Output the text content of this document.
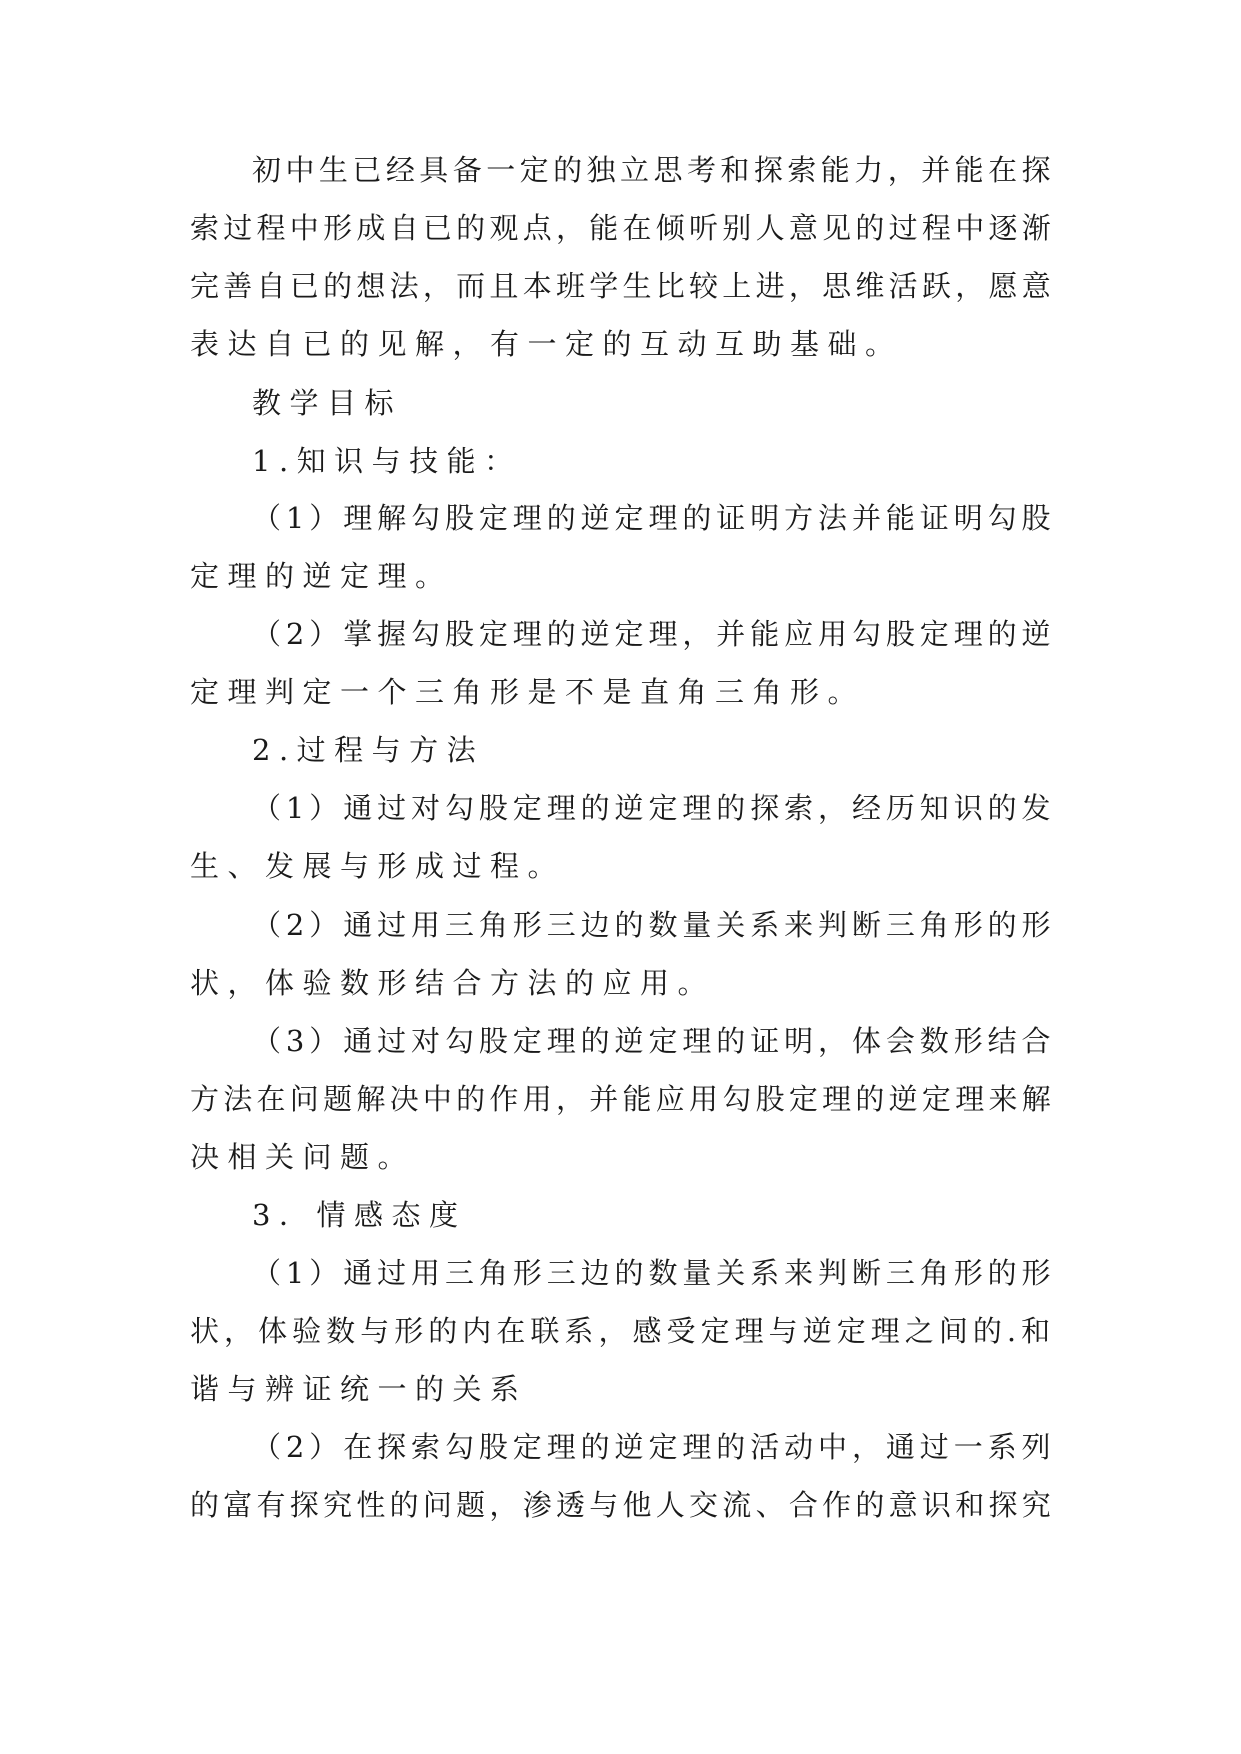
初中生已经具备一定的独立思考和探索能力，并能在探
索过程中形成自已的观点，能在倾听别人意见的过程中逐渐
完善自已的想法，而且本班学生比较上进，思维活跃，愿意
表达自已的见解，有一定的互动互助基础。
教学目标
1.知识与技能：
（1）理解勾股定理的逆定理的证明方法并能证明勾股
定理的逆定理。
（2）掌握勾股定理的逆定理，并能应用勾股定理的逆
定理判定一个三角形是不是直角三角形。
2.过程与方法
（1）通过对勾股定理的逆定理的探索，经历知识的发
生、发展与形成过程。
（2）通过用三角形三边的数量关系来判断三角形的形
状，体验数形结合方法的应用。
（3）通过对勾股定理的逆定理的证明，体会数形结合
方法在问题解决中的作用，并能应用勾股定理的逆定理来解
决相关问题。
3．情感态度
（1）通过用三角形三边的数量关系来判断三角形的形
状，体验数与形的内在联系，感受定理与逆定理之间的.和
谐与辨证统一的关系
（2）在探索勾股定理的逆定理的活动中，通过一系列
的富有探究性的问题，渗透与他人交流、合作的意识和探究
